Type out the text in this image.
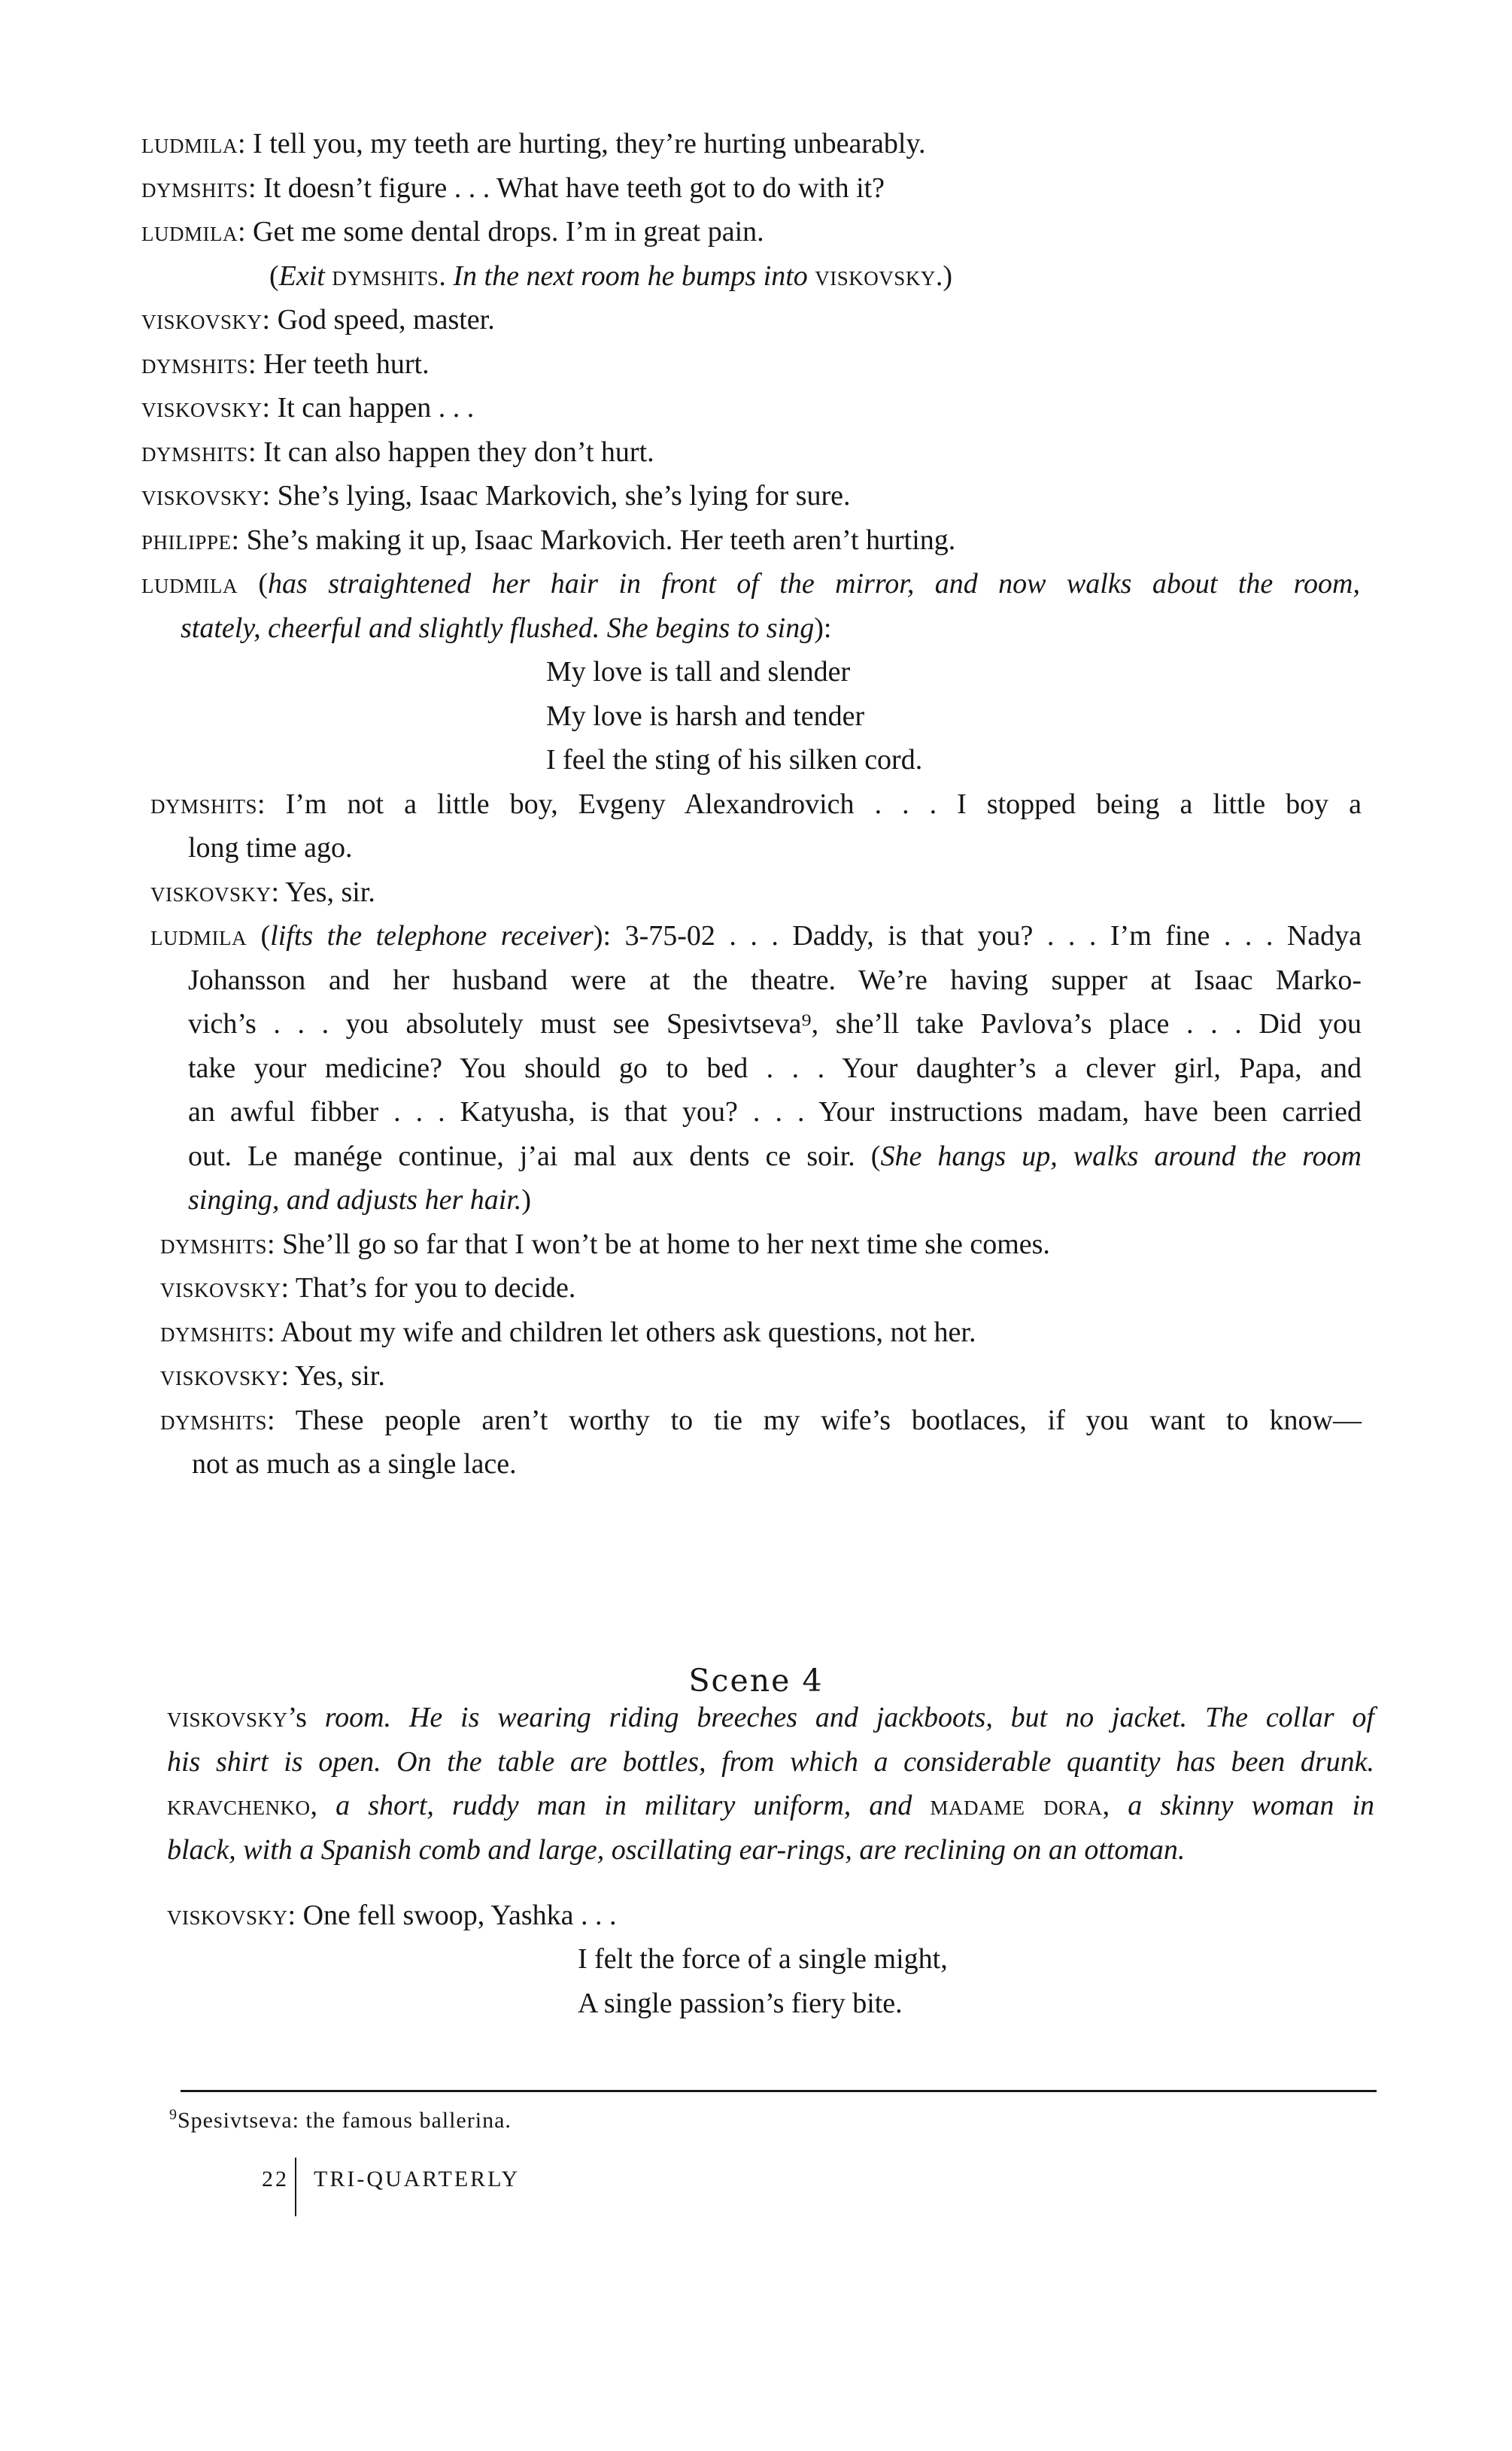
ludmila: I tell you, my teeth are hurting, they’re hurting unbearably.
dymshits: It doesn’t figure . . . What have teeth got to do with it?
ludmila: Get me some dental drops. I’m in great pain.
(Exit dymshits. In the next room he bumps into viskovsky.)
viskovsky: God speed, master.
dymshits: Her teeth hurt.
viskovsky: It can happen . . .
dymshits: It can also happen they don’t hurt.
viskovsky: She’s lying, Isaac Markovich, she’s lying for sure.
philippe: She’s making it up, Isaac Markovich. Her teeth aren’t hurting.
ludmila (has straightened her hair in front of the mirror, and now walks about the room,
stately, cheerful and slightly flushed. She begins to sing):
My love is tall and slender
My love is harsh and tender
I feel the sting of his silken cord.
dymshits: I’m not a little boy, Evgeny Alexandrovich . . . I stopped being a little boy a
long time ago.
viskovsky: Yes, sir.
ludmila (lifts the telephone receiver): 3-75-02 . . . Daddy, is that you? . . . I’m fine . . . Nadya
Johansson and her husband were at the theatre. We’re having supper at Isaac Marko-
vich’s . . . you absolutely must see Spesivtseva⁹, she’ll take Pavlova’s place . . . Did you
take your medicine? You should go to bed . . . Your daughter’s a clever girl, Papa, and
an awful fibber . . . Katyusha, is that you? . . . Your instructions madam, have been carried
out. Le manége continue, j’ai mal aux dents ce soir. (She hangs up, walks around the room
singing, and adjusts her hair.)
dymshits: She’ll go so far that I won’t be at home to her next time she comes.
viskovsky: That’s for you to decide.
dymshits: About my wife and children let others ask questions, not her.
viskovsky: Yes, sir.
dymshits: These people aren’t worthy to tie my wife’s bootlaces, if you want to know—
not as much as a single lace.
Scene 4
viskovsky’s room. He is wearing riding breeches and jackboots, but no jacket. The collar of
his shirt is open. On the table are bottles, from which a considerable quantity has been drunk.
kravchenko, a short, ruddy man in military uniform, and madame dora, a skinny woman in
black, with a Spanish comb and large, oscillating ear-rings, are reclining on an ottoman.
viskovsky: One fell swoop, Yashka . . .
I felt the force of a single might,
A single passion’s fiery bite.
$^9$Spesivtseva: the famous ballerina.
22 TRI-QUARTERLY
